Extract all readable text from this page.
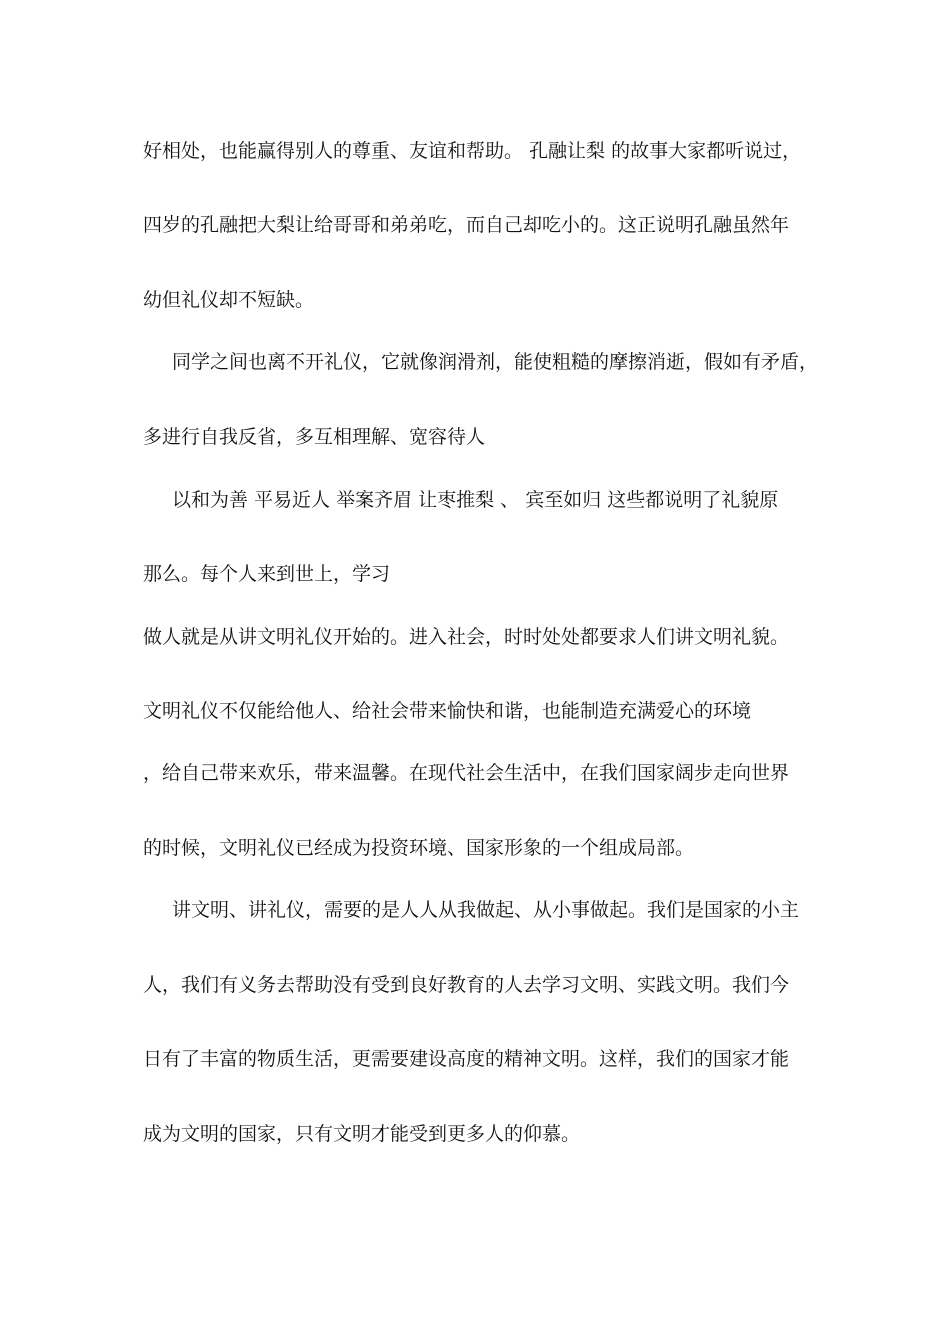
好相处，也能赢得别人的尊重、友谊和帮助。 孔融让梨 的故事大家都听说过，
四岁的孔融把大梨让给哥哥和弟弟吃，而自己却吃小的。这正说明孔融虽然年
幼但礼仪却不短缺。
同学之间也离不开礼仪，它就像润滑剂，能使粗糙的摩擦消逝，假如有矛盾，
多进行自我反省，多互相理解、宽容待人
以和为善 平易近人 举案齐眉 让枣推梨 、 宾至如归 这些都说明了礼貌原
那么。每个人来到世上，学习
做人就是从讲文明礼仪开始的。进入社会，时时处处都要求人们讲文明礼貌。
文明礼仪不仅能给他人、给社会带来愉快和谐，也能制造充满爱心的环境
，给自己带来欢乐，带来温馨。在现代社会生活中，在我们国家阔步走向世界
的时候，文明礼仪已经成为投资环境、国家形象的一个组成局部。
讲文明、讲礼仪，需要的是人人从我做起、从小事做起。我们是国家的小主
人，我们有义务去帮助没有受到良好教育的人去学习文明、实践文明。我们今
日有了丰富的物质生活，更需要建设高度的精神文明。这样，我们的国家才能
成为文明的国家，只有文明才能受到更多人的仰慕。
